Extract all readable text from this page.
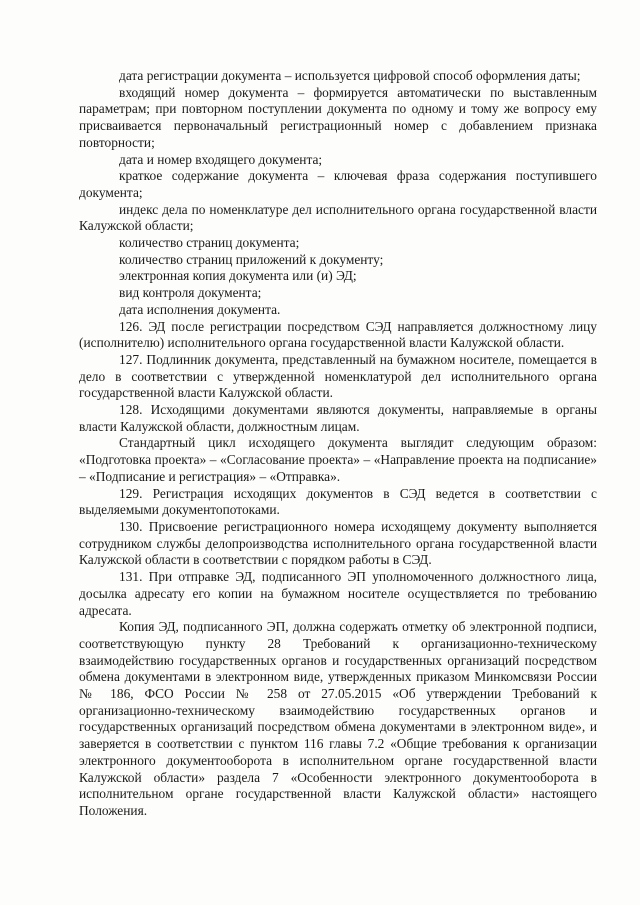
дата регистрации документа – используется цифровой способ оформления даты;

входящий номер документа – формируется автоматически по выставленным параметрам; при повторном поступлении документа по одному и тому же вопросу ему присваивается первоначальный регистрационный номер с добавлением признака повторности;

дата и номер входящего документа;

краткое содержание документа – ключевая фраза содержания поступившего документа;

индекс дела по номенклатуре дел исполнительного органа государственной власти Калужской области;

количество страниц документа;

количество страниц приложений к документу;

электронная копия документа или (и) ЭД;

вид контроля документа;

дата исполнения документа.

126. ЭД после регистрации посредством СЭД направляется должностному лицу (исполнителю) исполнительного органа государственной власти Калужской области.

127. Подлинник документа, представленный на бумажном носителе, помещается в дело в соответствии с утвержденной номенклатурой дел исполнительного органа государственной власти Калужской области.

128. Исходящими документами являются документы, направляемые в органы власти Калужской области, должностным лицам.

Стандартный цикл исходящего документа выглядит следующим образом: «Подготовка проекта» – «Согласование проекта» – «Направление проекта на подписание» – «Подписание и регистрация» – «Отправка».

129. Регистрация исходящих документов в СЭД ведется в соответствии с выделяемыми документопотоками.

130. Присвоение регистрационного номера исходящему документу выполняется сотрудником службы делопроизводства исполнительного органа государственной власти Калужской области в соответствии с порядком работы в СЭД.

131. При отправке ЭД, подписанного ЭП уполномоченного должностного лица, досылка адресату его копии на бумажном носителе осуществляется по требованию адресата.

Копия ЭД, подписанного ЭП, должна содержать отметку об электронной подписи, соответствующую пункту 28 Требований к организационно-техническому взаимодействию государственных органов и государственных организаций посредством обмена документами в электронном виде, утвержденных приказом Минкомсвязи России № 186, ФСО России № 258 от 27.05.2015 «Об утверждении Требований к организационно-техническому взаимодействию государственных органов и государственных организаций посредством обмена документами в электронном виде», и заверяется в соответствии с пунктом 116 главы 7.2 «Общие требования к организации электронного документооборота в исполнительном органе государственной власти Калужской области» раздела 7 «Особенности электронного документооборота в исполнительном органе государственной власти Калужской области» настоящего Положения.
